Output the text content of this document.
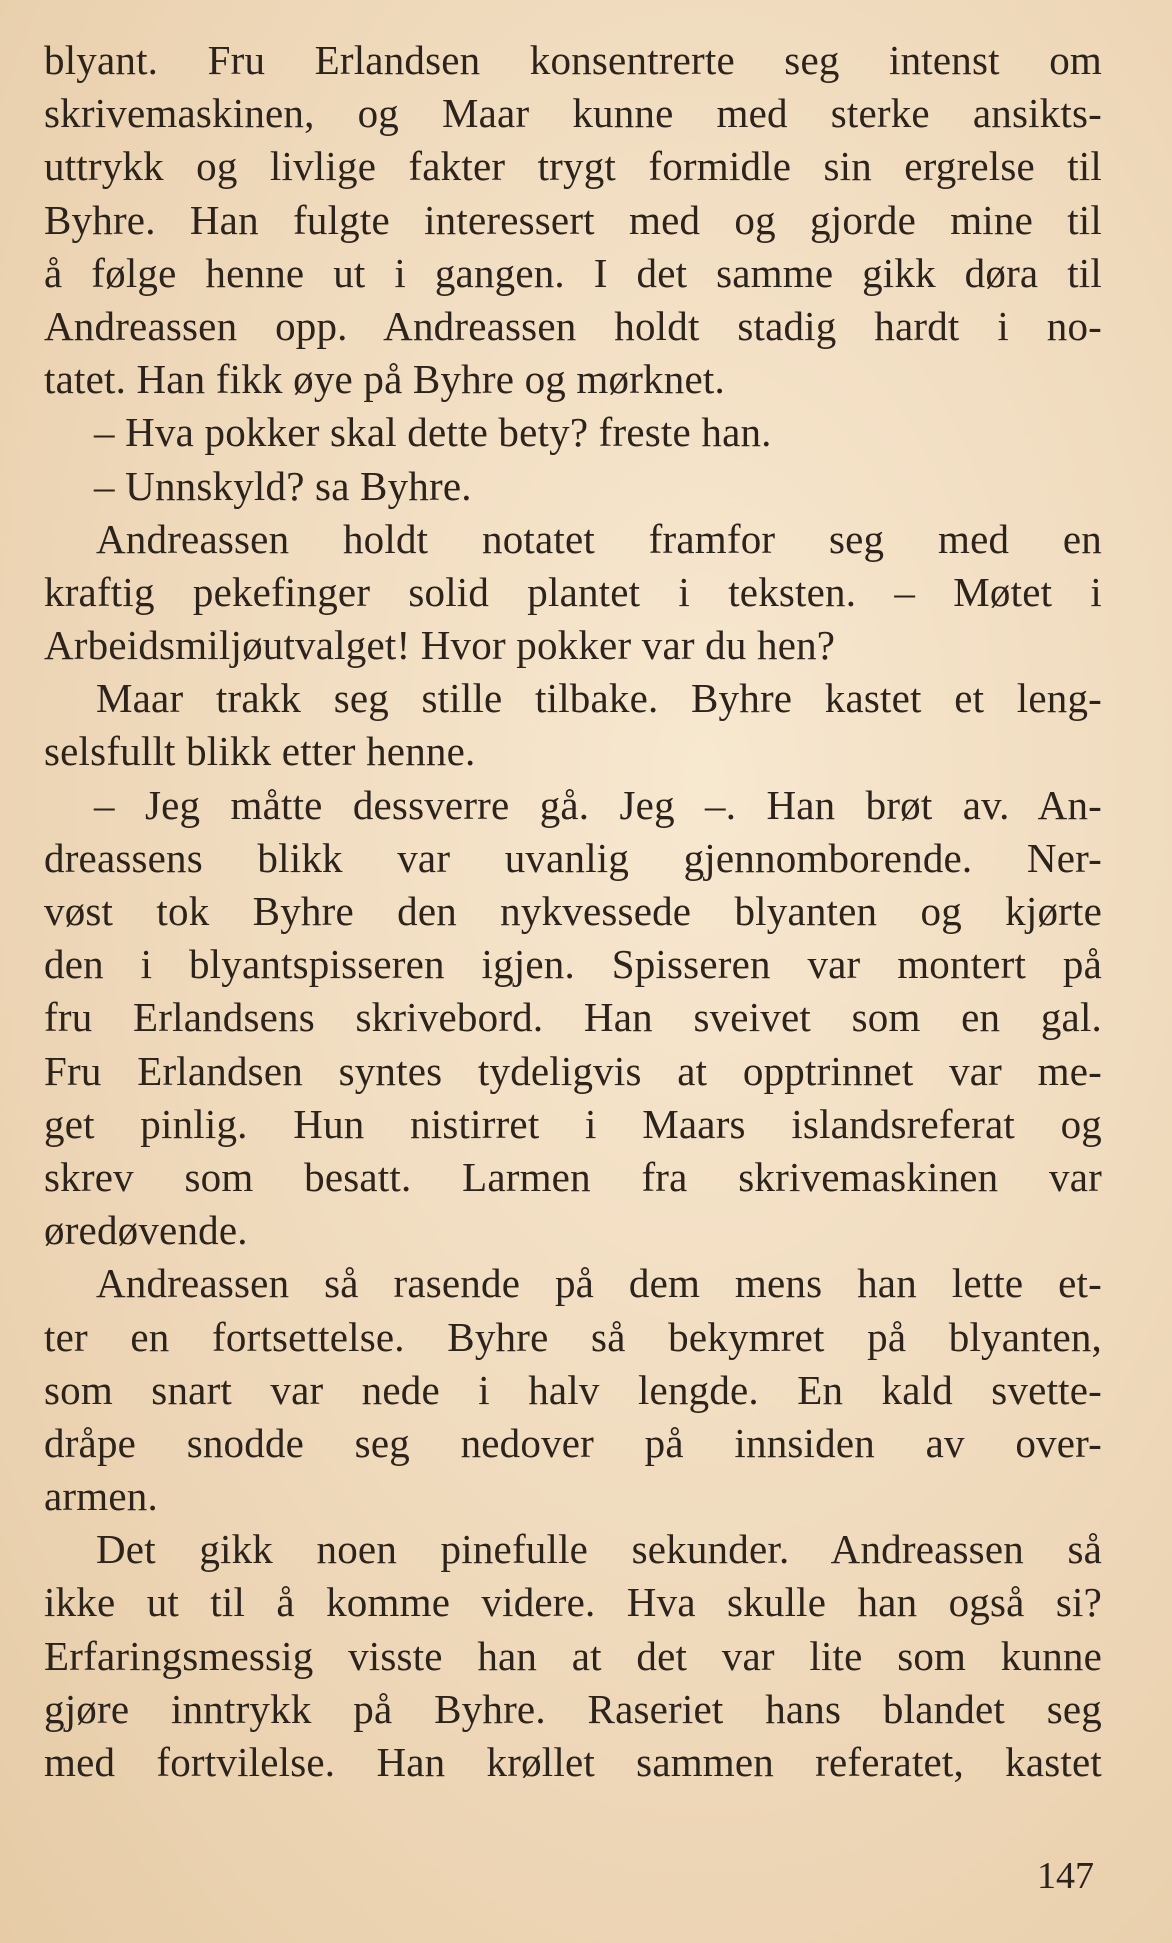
blyant. Fru Erlandsen konsentrerte seg intenst om
skrivemaskinen, og Maar kunne med sterke ansikts-
uttrykk og livlige fakter trygt formidle sin ergrelse til
Byhre. Han fulgte interessert med og gjorde mine til
å følge henne ut i gangen. I det samme gikk døra til
Andreassen opp. Andreassen holdt stadig hardt i no-
tatet. Han fikk øye på Byhre og mørknet.
– Hva pokker skal dette bety? freste han.
– Unnskyld? sa Byhre.
Andreassen holdt notatet framfor seg med en
kraftig pekefinger solid plantet i teksten. – Møtet i
Arbeidsmiljøutvalget! Hvor pokker var du hen?
Maar trakk seg stille tilbake. Byhre kastet et leng-
selsfullt blikk etter henne.
– Jeg måtte dessverre gå. Jeg –. Han brøt av. An-
dreassens blikk var uvanlig gjennomborende. Ner-
vøst tok Byhre den nykvessede blyanten og kjørte
den i blyantspisseren igjen. Spisseren var montert på
fru Erlandsens skrivebord. Han sveivet som en gal.
Fru Erlandsen syntes tydeligvis at opptrinnet var me-
get pinlig. Hun nistirret i Maars islandsreferat og
skrev som besatt. Larmen fra skrivemaskinen var
øredøvende.
Andreassen så rasende på dem mens han lette et-
ter en fortsettelse. Byhre så bekymret på blyanten,
som snart var nede i halv lengde. En kald svette-
dråpe snodde seg nedover på innsiden av over-
armen.
Det gikk noen pinefulle sekunder. Andreassen så
ikke ut til å komme videre. Hva skulle han også si?
Erfaringsmessig visste han at det var lite som kunne
gjøre inntrykk på Byhre. Raseriet hans blandet seg
med fortvilelse. Han krøllet sammen referatet, kastet
147
